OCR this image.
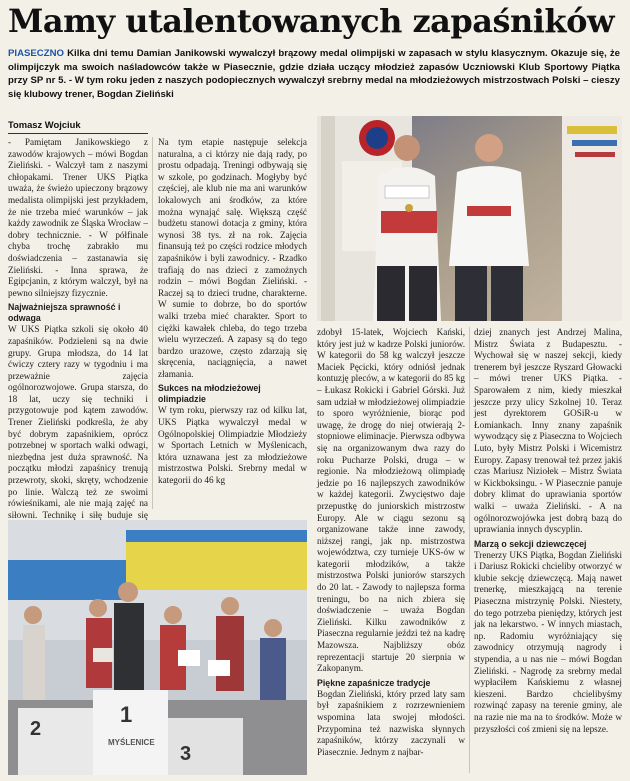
Mamy utalentowanych zapaśników
PIASECZNO Kilka dni temu Damian Janikowski wywalczył brązowy medal olimpijski w zapasach w stylu klasycznym. Okazuje się, że olimpijczyk ma swoich naśladowców także w Piasecznie, gdzie działa uczący młodzież zapasów Uczniowski Klub Sportowy Piątka przy SP nr 5. - W tym roku jeden z naszych podopiecznych wywalczył srebrny medal na młodzieżowych mistrzostwach Polski – cieszy się klubowy trener, Bogdan Zieliński
Tomasz Wojciuk

- Pamiętam Janikowskiego z zawodów krajowych – mówi Bogdan Zieliński. - Walczył tam z naszymi chłopakami. Trener UKS Piątka uważa, że świeżo upieczony brązowy medalista olimpijski jest przykładem, że nie trzeba mieć warunków – jak każdy zawodnik ze Śląska Wrocław – dobry technicznie. - W półfinale chyba trochę zabrakło mu doświadczenia – zastanawia się Zieliński. - Inna sprawa, że Egipcjanin, z którym walczył, był na pewno silniejszy fizycznie.

Najważniejsza sprawność i odwaga

W UKS Piątka szkoli się około 40 zapaśników. Podzieleni są na dwie grupy. Grupa młodsza, do 14 lat ćwiczy cztery razy w tygodniu i ma przeważnie zajęcia ogólnorozwojowe. Grupa starsza, do 18 lat, uczy się techniki i przygotowuje pod kątem zawodów. Trener Zieliński podkreśla, że aby być dobrym zapaśnikiem, oprócz potrzebnej w sportach walki odwagi, niezbędna jest duża sprawność. Na początku młodzi zapaśnicy trenują przewroty, skoki, skręty, wchodzenie po linie. Walczą też ze swoimi rówieśnikami, ale nie mają zajęć na siłowni. Technikę i siłę buduje się

Na tym etapie następuje selekcja naturalna, a ci którzy nie dają rady, po prostu odpadają. Treningi odbywają się w szkole, po godzinach. Mogłyby być częściej, ale klub nie ma ani warunków lokalowych ani środków, za które można wynająć salę. Większą część budżetu stanowi dotacja z gminy, która wynosi 38 tys. zł na rok. Zajęcia finansują też po części rodzice młodych zapaśników i byli zawodnicy. - Rzadko trafiają do nas dzieci z zamożnych rodzin – mówi Bogdan Zieliński. - Raczej są to dzieci trudne, charakterne. W sumie to dobrze, bo do sportów walki trzeba mieć charakter. Sport to ciężki kawałek chleba, do tego trzeba wielu wyrzeczeń. A zapasy są do tego bardzo urazowe, często zdarzają się skręcenia, naciągnięcia, a nawet złamania.

Sukces na młodzieżowej olimpiadzie

W tym roku, pierwszy raz od kilku lat, UKS Piątka wywalczył medal w Ogólnopolskiej Olimpiadzie Młodzieży w Sportach Letnich w Myślenicach, która uznawana jest za młodzieżowe mistrzostwa Polski. Srebrny medal w kategorii do 46 kg

2
1
3
MYŚLENICE

zdobył 15-latek, Wojciech Kański, który jest już w kadrze Polski juniorów. W kategorii do 58 kg walczył jeszcze Maciek Pęcicki, który odniósł jednak kontuzję pleców, a w kategorii do 85 kg – Łukasz Rokicki i Gabriel Górski. Już sam udział w młodzieżowej olimpiadzie to sporo wyróżnienie, biorąc pod uwagę, że drogę do niej otwierają 2-stopniowe eliminacje. Pierwsza odbywa się na organizowanym dwa razy do roku Pucharze Polski, druga – w regionie. Na młodzieżową olimpiadę jedzie po 16 najlepszych zawodników w każdej kategorii. Zwycięstwo daje przepustkę do juniorskich mistrzostw Europy. Ale w ciągu sezonu są organizowane także inne zawody, niższej rangi, jak np. mistrzostwa województwa, czy turnieje UKS-ów w kategorii młodzików, a także mistrzostwa Polski juniorów starszych do 20 lat. - Zawody to najlepsza forma treningu, bo na nich zbiera się doświadczenie – uważa Bogdan Zieliński. Kilku zawodników z Piaseczna regularnie jeździ też na kadrę Mazowsza. Najbliższy obóz reprezentacji startuje 20 sierpnia w Zakopanym.

Piękne zapaśnicze tradycje

Bogdan Zieliński, który przed laty sam był zapaśnikiem z rozrzewnieniem wspomina lata swojej młodości. Przypomina też nazwiska słynnych zapaśników, którzy zaczynali w Piasecznie. Jednym z najbar-

dziej znanych jest Andrzej Malina, Mistrz Świata z Budapesztu. - Wychował się w naszej sekcji, kiedy trenerem był jeszcze Ryszard Głowacki – mówi trener UKS Piątka. - Sparowałem z nim, kiedy mieszkał jeszcze przy ulicy Szkolnej 10. Teraz jest dyrektorem GOSiR-u w Łomiankach. Inny znany zapaśnik wywodzący się z Piaseczna to Wojciech Luto, były Mistrz Polski i Wicemistrz Europy. Zapasy trenował też przez jakiś czas Mariusz Niziołek – Mistrz Świata w Kickboksingu. - W Piasecznie panuje dobry klimat do uprawiania sportów walki – uważa Zieliński. - A na ogólnorozwojówka jest dobrą bazą do uprawiania innych dyscyplin.

Marzą o sekcji dziewczęcej

Trenerzy UKS Piątka, Bogdan Zieliński i Dariusz Rokicki chcieliby otworzyć w klubie sekcję dziewczęcą. Mają nawet trenerkę, mieszkającą na terenie Piaseczna mistrzynię Polski. Niestety, do tego potrzeba pieniędzy, których jest jak na lekarstwo. - W innych miastach, np. Radomiu wyróżniający się zawodnicy otrzymują nagrody i stypendia, a u nas nie – mówi Bogdan Zieliński. - Nagrodę za srebrny medal wypłaciłem Kańskiemu z własnej kieszeni. Bardzo chcielibyśmy rozwinąć zapasy na terenie gminy, ale na razie nie ma na to środków. Może w przyszłości coś zmieni się na lepsze.
